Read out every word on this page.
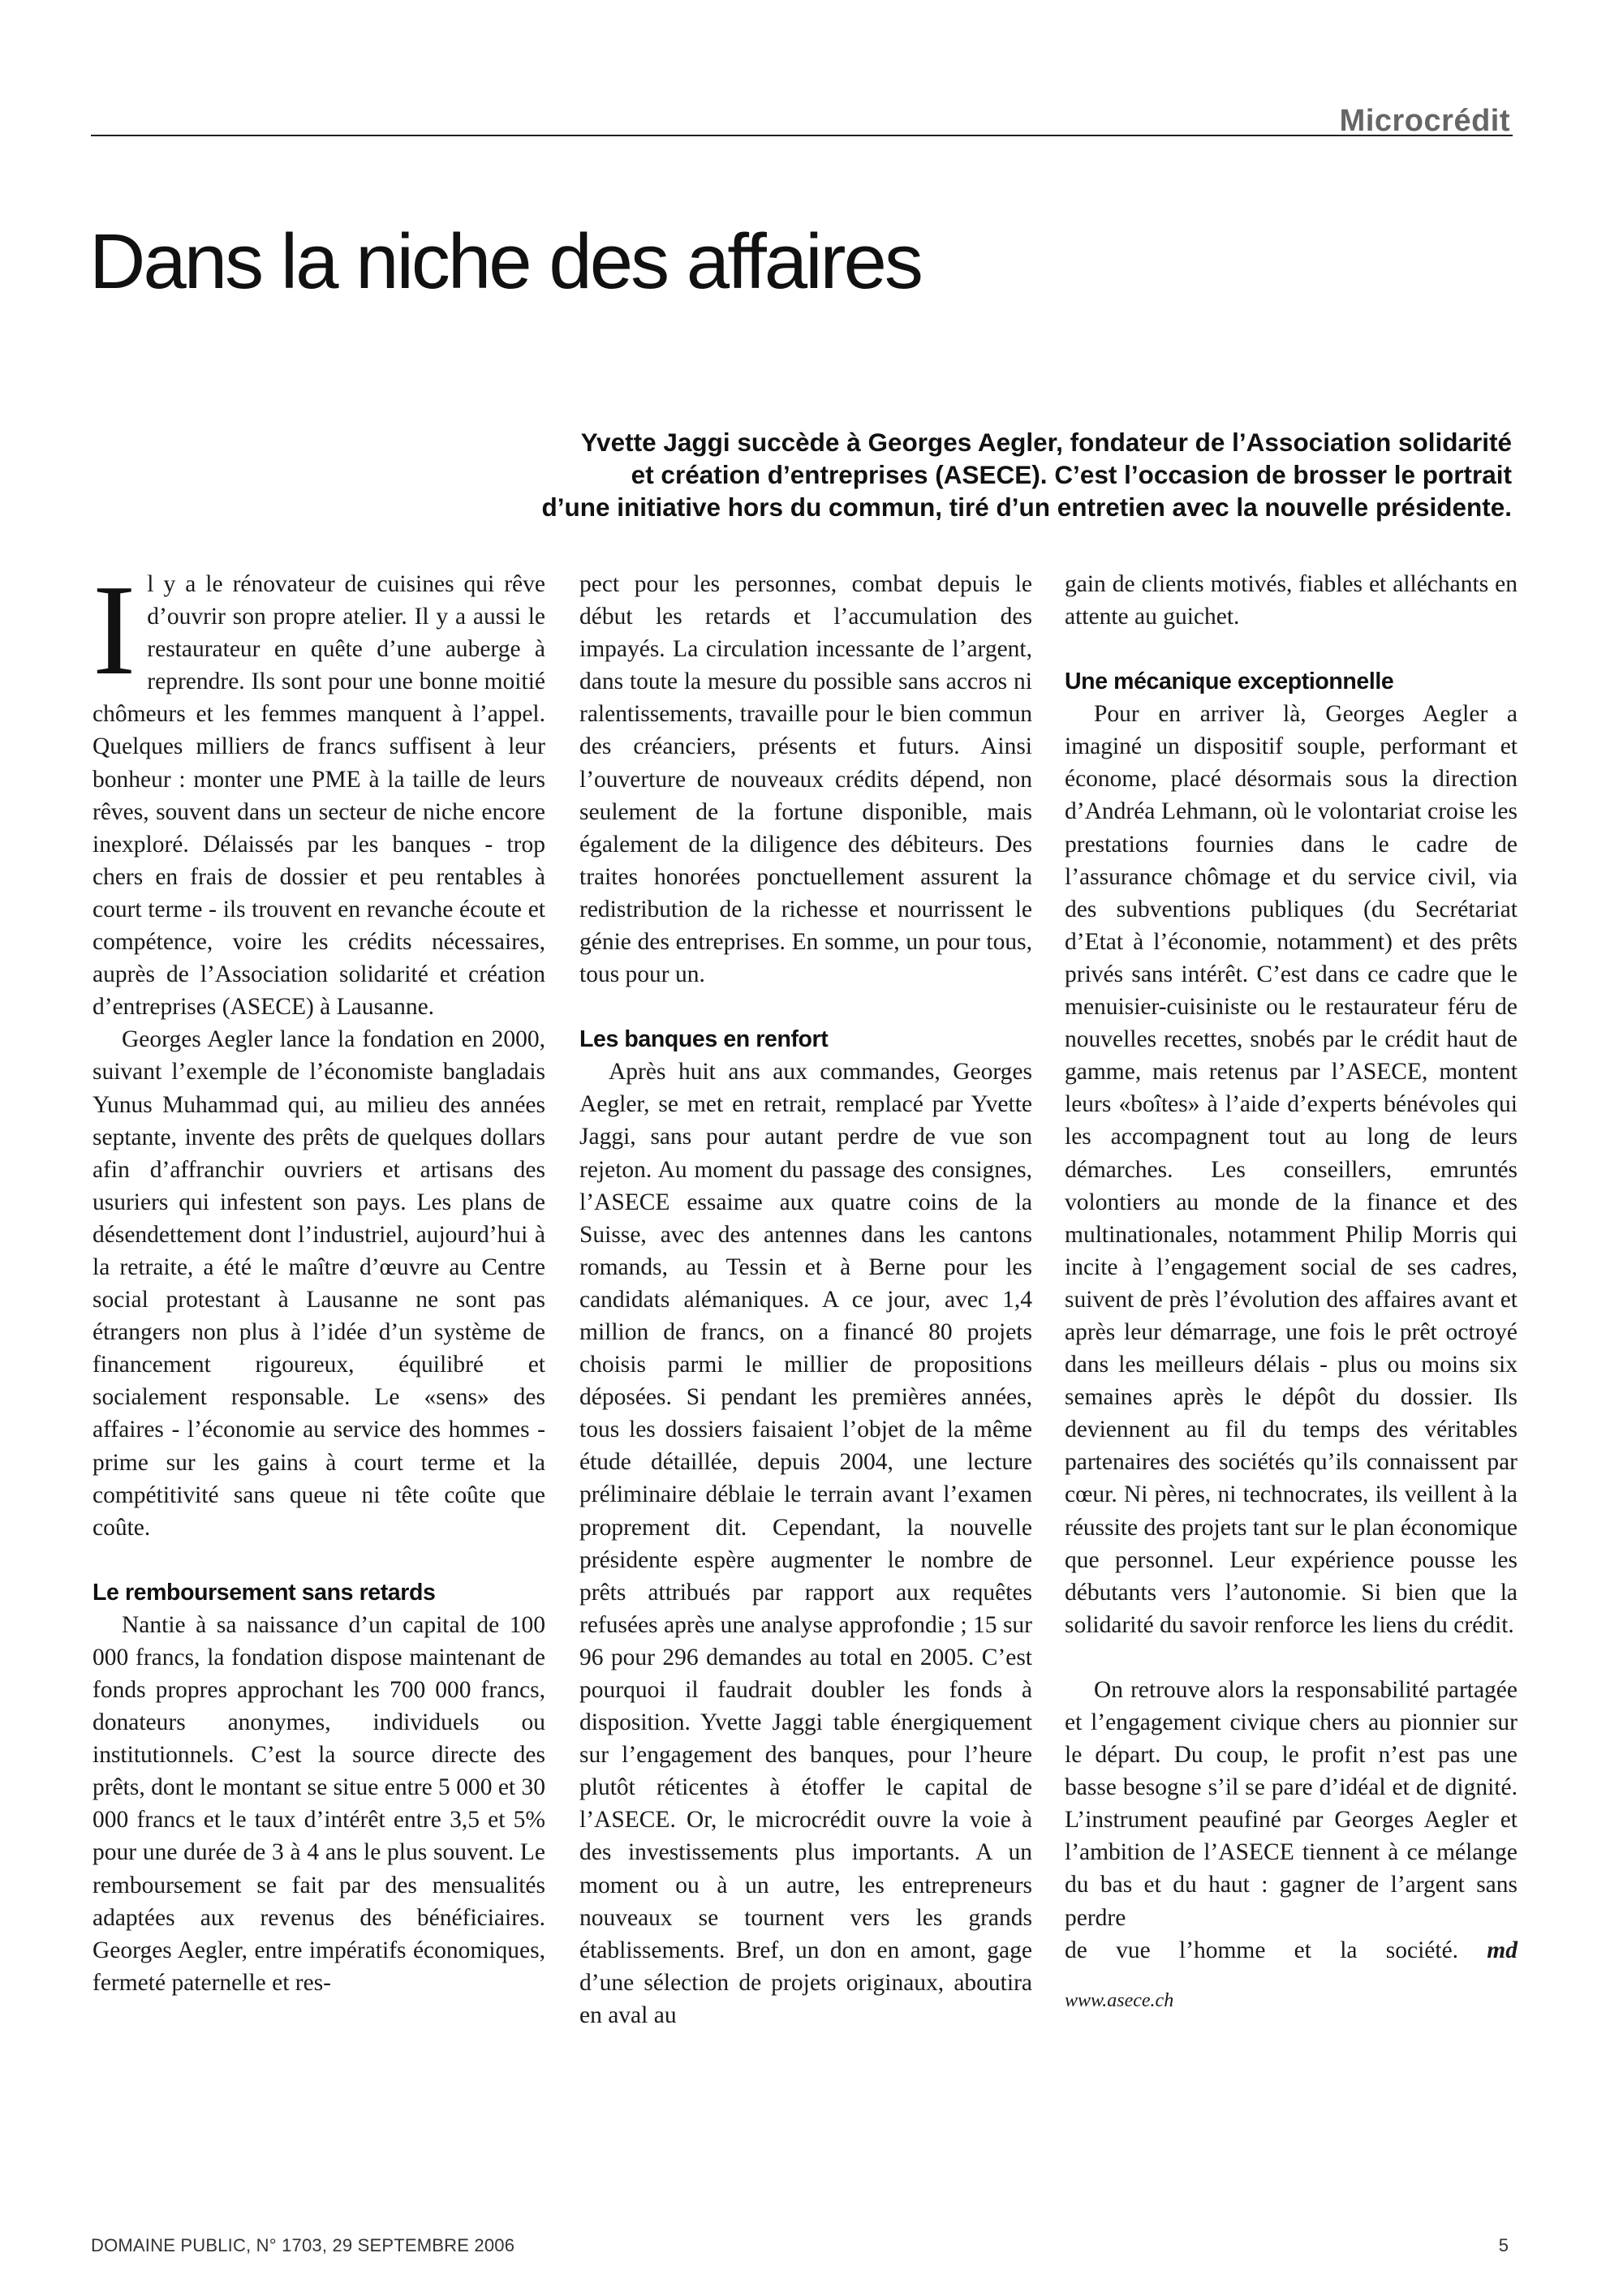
Microcrédit
Dans la niche des affaires
Yvette Jaggi succède à Georges Aegler, fondateur de l’Association solidarité
et création d’entreprises (ASECE). C’est l’occasion de brosser le portrait
d’une initiative hors du commun, tiré d’un entretien avec la nouvelle présidente.

Il y a le rénovateur de cuisines qui rêve d’ouvrir son propre atelier. Il y a aussi le restaurateur en quête d’une auberge à reprendre. Ils sont pour une bonne moitié chômeurs et les femmes manquent à l’appel. Quelques milliers de francs suffisent à leur bonheur : monter une PME à la taille de leurs rêves, souvent dans un secteur de niche encore inexploré. Délaissés par les banques - trop chers en frais de dossier et peu rentables à court terme - ils trouvent en revanche écoute et compétence, voire les crédits nécessaires, auprès de l’Association solidarité et création d’entreprises (ASECE) à Lausanne.

Georges Aegler lance la fondation en 2000, suivant l’exemple de l’économiste bangladais Yunus Muhammad qui, au milieu des années septante, invente des prêts de quelques dollars afin d’affranchir ouvriers et artisans des usuriers qui infestent son pays. Les plans de désendettement dont l’industriel, aujourd’hui à la retraite, a été le maître d’œuvre au Centre social protestant à Lausanne ne sont pas étrangers non plus à l’idée d’un système de financement rigoureux, équilibré et socialement responsable. Le «sens» des affaires - l’économie au service des hommes - prime sur les gains à court terme et la compétitivité sans queue ni tête coûte que coûte.

Le remboursement sans retards

Nantie à sa naissance d’un capital de 100 000 francs, la fondation dispose maintenant de fonds propres approchant les 700 000 francs, donateurs anonymes, individuels ou institutionnels. C’est la source directe des prêts, dont le montant se situe entre 5 000 et 30 000 francs et le taux d’intérêt entre 3,5 et 5% pour une durée de 3 à 4 ans le plus souvent. Le remboursement se fait par des mensualités adaptées aux revenus des bénéficiaires. Georges Aegler, entre impératifs économiques, fermeté paternelle et res-

pect pour les personnes, combat depuis le début les retards et l’accumulation des impayés. La circulation incessante de l’argent, dans toute la mesure du possible sans accros ni ralentissements, travaille pour le bien commun des créanciers, présents et futurs. Ainsi l’ouverture de nouveaux crédits dépend, non seulement de la fortune disponible, mais également de la diligence des débiteurs. Des traites honorées ponctuellement assurent la redistribution de la richesse et nourrissent le génie des entreprises. En somme, un pour tous, tous pour un.

Les banques en renfort

Après huit ans aux commandes, Georges Aegler, se met en retrait, remplacé par Yvette Jaggi, sans pour autant perdre de vue son rejeton. Au moment du passage des consignes, l’ASECE essaime aux quatre coins de la Suisse, avec des antennes dans les cantons romands, au Tessin et à Berne pour les candidats alémaniques. A ce jour, avec 1,4 million de francs, on a financé 80 projets choisis parmi le millier de propositions déposées. Si pendant les premières années, tous les dossiers faisaient l’objet de la même étude détaillée, depuis 2004, une lecture préliminaire déblaie le terrain avant l’examen proprement dit. Cependant, la nouvelle présidente espère augmenter le nombre de prêts attribués par rapport aux requêtes refusées après une analyse approfondie ; 15 sur 96 pour 296 demandes au total en 2005. C’est pourquoi il faudrait doubler les fonds à disposition. Yvette Jaggi table énergiquement sur l’engagement des banques, pour l’heure plutôt réticentes à étoffer le capital de l’ASECE. Or, le microcrédit ouvre la voie à des investissements plus importants. A un moment ou à un autre, les entrepreneurs nouveaux se tournent vers les grands établissements. Bref, un don en amont, gage d’une sélection de projets originaux, aboutira en aval au

gain de clients motivés, fiables et alléchants en attente au guichet.

Une mécanique exceptionnelle

Pour en arriver là, Georges Aegler a imaginé un dispositif souple, performant et économe, placé désormais sous la direction d’Andréa Lehmann, où le volontariat croise les prestations fournies dans le cadre de l’assurance chômage et du service civil, via des subventions publiques (du Secrétariat d’Etat à l’économie, notamment) et des prêts privés sans intérêt. C’est dans ce cadre que le menuisier-cuisiniste ou le restaurateur féru de nouvelles recettes, snobés par le crédit haut de gamme, mais retenus par l’ASECE, montent leurs «boîtes» à l’aide d’experts bénévoles qui les accompagnent tout au long de leurs démarches. Les conseillers, emruntés volontiers au monde de la finance et des multinationales, notamment Philip Morris qui incite à l’engagement social de ses cadres, suivent de près l’évolution des affaires avant et après leur démarrage, une fois le prêt octroyé dans les meilleurs délais - plus ou moins six semaines après le dépôt du dossier. Ils deviennent au fil du temps des véritables partenaires des sociétés qu’ils connaissent par cœur. Ni pères, ni technocrates, ils veillent à la réussite des projets tant sur le plan économique que personnel. Leur expérience pousse les débutants vers l’autonomie. Si bien que la solidarité du savoir renforce les liens du crédit.

On retrouve alors la responsabilité partagée et l’engagement civique chers au pionnier sur le départ. Du coup, le profit n’est pas une basse besogne s’il se pare d’idéal et de dignité. L’instrument peaufiné par Georges Aegler et l’ambition de l’ASECE tiennent à ce mélange du bas et du haut : gagner de l’argent sans perdre

de vue l’homme et la société. md

www.asece.ch

DOMAINE PUBLIC, N° 1703, 29 SEPTEMBRE 2006	5
